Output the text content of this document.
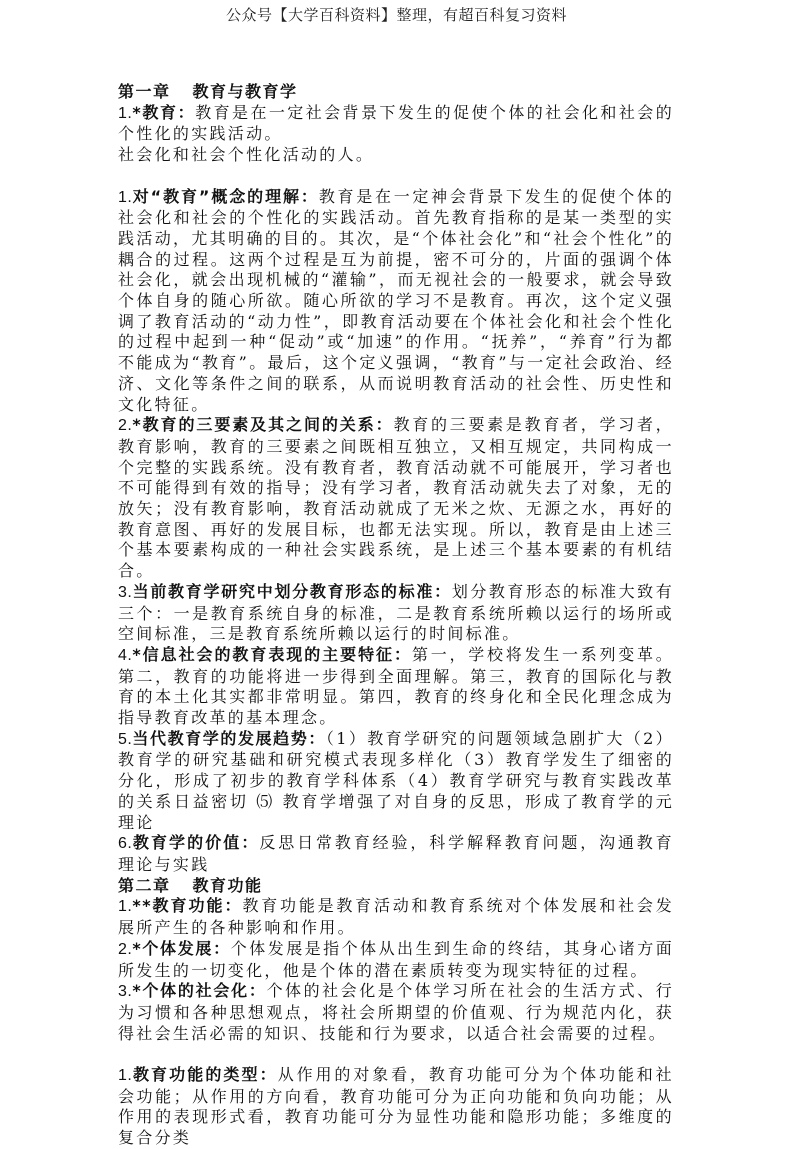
公众号【大学百科资料】整理，有超百科复习资料

第一章 教育与教育学

1.*教育：教育是在一定社会背景下发生的促使个体的社会化和社会的个性化的实践活动。

社会化和社会个性化活动的人。

1.对“教育”概念的理解：教育是在一定神会背景下发生的促使个体的社会化和社会的个性化的实践活动。首先教育指称的是某一类型的实践活动，尤其明确的目的。其次，是“个体社会化”和“社会个性化”的耦合的过程。这两个过程是互为前提，密不可分的，片面的强调个体社会化，就会出现机械的“灌输”，而无视社会的一般要求，就会导致个体自身的随心所欲。随心所欲的学习不是教育。再次，这个定义强调了教育活动的“动力性”，即教育活动要在个体社会化和社会个性化的过程中起到一种“促动”或“加速”的作用。“抚养”，“养育”行为都不能成为“教育”。最后，这个定义强调，“教育”与一定社会政治、经济、文化等条件之间的联系，从而说明教育活动的社会性、历史性和文化特征。

2.*教育的三要素及其之间的关系：教育的三要素是教育者，学习者，教育影响，教育的三要素之间既相互独立，又相互规定，共同构成一个完整的实践系统。没有教育者，教育活动就不可能展开，学习者也不可能得到有效的指导；没有学习者，教育活动就失去了对象，无的放矢；没有教育影响，教育活动就成了无米之炊、无源之水，再好的教育意图、再好的发展目标，也都无法实现。所以，教育是由上述三个基本要素构成的一种社会实践系统，是上述三个基本要素的有机结合。

3.当前教育学研究中划分教育形态的标准：划分教育形态的标准大致有三个：一是教育系统自身的标准，二是教育系统所赖以运行的场所或空间标准，三是教育系统所赖以运行的时间标准。

4.*信息社会的教育表现的主要特征：第一，学校将发生一系列变革。第二，教育的功能将进一步得到全面理解。第三，教育的国际化与教育的本土化其实都非常明显。第四，教育的终身化和全民化理念成为指导教育改革的基本理念。

5.当代教育学的发展趋势：（1）教育学研究的问题领域急剧扩大（2）教育学的研究基础和研究模式表现多样化（3）教育学发生了细密的分化，形成了初步的教育学科体系（4）教育学研究与教育实践改革的关系日益密切 ⑸ 教育学增强了对自身的反思，形成了教育学的元理论

6.教育学的价值：反思日常教育经验，科学解释教育问题，沟通教育理论与实践

第二章 教育功能

1.**教育功能：教育功能是教育活动和教育系统对个体发展和社会发展所产生的各种影响和作用。

2.*个体发展：个体发展是指个体从出生到生命的终结，其身心诸方面所发生的一切变化，他是个体的潜在素质转变为现实特征的过程。

3.*个体的社会化：个体的社会化是个体学习所在社会的生活方式、行为习惯和各种思想观点，将社会所期望的价值观、行为规范内化，获得社会生活必需的知识、技能和行为要求，以适合社会需要的过程。

1.教育功能的类型：从作用的对象看，教育功能可分为个体功能和社会功能；从作用的方向看，教育功能可分为正向功能和负向功能；从作用的表现形式看，教育功能可分为显性功能和隐形功能；多维度的复合分类
